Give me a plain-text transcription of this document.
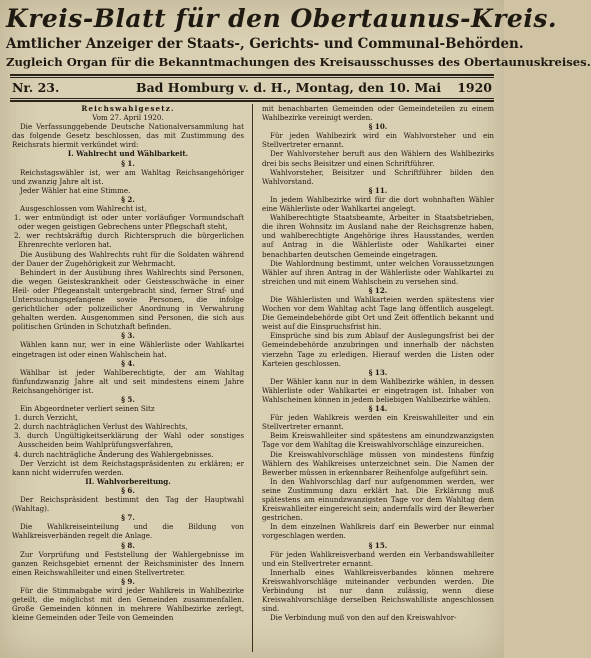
Kreis-Blatt für den Obertaunus-Kreis.
Amtlicher Anzeiger der Staats-, Gerichts- und Communal-Behörden.
Zugleich Organ für die Bekanntmachungen des Kreisausschusses des Obertaunuskreises.
Nr. 23.	Bad Homburg v. d. H., Montag, den 10. Mai 1920
Reichswahlgesetz.
Vom 27. April 1920.
Die Verfassunggebende Deutsche Nationalversammlung hat das folgende Gesetz beschlossen, das mit Zustimmung des Reichsrats hiermit verkündet wird:
I. Wahlrecht und Wählbarkeit.
§ 1.
Reichstagswähler ist, wer am Wahltag Reichsangehöriger und zwanzig Jahre alt ist.
Jeder Wähler hat eine Stimme.
§ 2.
Ausgeschlossen vom Wahlrecht ist,
1. wer entmündigt ist oder unter vorläufiger Vormundschaft oder wegen geistigen Gebrechens unter Pflegschaft steht,
2. wer rechtskräftig durch Richterspruch die bürgerlichen Ehrenrechte verloren hat.
Die Ausübung des Wahlrechts ruht für die Soldaten während der Dauer der Zugehörigkeit zur Wehrmacht.
Behindert in der Ausübung ihres Wahlrechts sind Personen, die wegen Geisteskrankheit oder Geistesschwäche in einer Heil- oder Pflegeanstalt untergebracht sind, ferner Straf- und Untersuchungsgefangene sowie Personen, die infolge gerichtlicher oder polizeilicher Anordnung in Verwahrung gehalten werden. Ausgenommen sind Personen, die sich aus politischen Gründen in Schutzhaft befinden.
§ 3.
Wählen kann nur, wer in eine Wählerliste oder Wahlkartei eingetragen ist oder einen Wahlschein hat.
§ 4.
Wählbar ist jeder Wahlberechtigte, der am Wahltag fünfundzwanzig Jahre alt und seit mindestens einem Jahre Reichsangehöriger ist.
§ 5.
Ein Abgeordneter verliert seinen Sitz
1. durch Verzicht,
2. durch nachträglichen Verlust des Wahlrechts,
3. durch Ungültigkeitserklärung der Wahl oder sonstiges Ausscheiden beim Wahlprüfungsverfahren,
4. durch nachträgliche Änderung des Wahlergebnisses.
Der Verzicht ist dem Reichstagspräsidenten zu erklären; er kann nicht widerrufen werden.
II. Wahlvorbereitung.
§ 6.
Der Reichspräsident bestimmt den Tag der Hauptwahl (Wahltag).
§ 7.
Die Wahlkreiseinteilung und die Bildung von Wahlkreisverbänden regelt die Anlage.
§ 8.
Zur Vorprüfung und Feststellung der Wahlergebnisse im ganzen Reichsgebiet ernennt der Reichsminister des Innern einen Reichswahlleiter und einen Stellvertreter.
§ 9.
Für die Stimmabgabe wird jeder Wahlkreis in Wahlbezirke geteilt, die möglichst mit den Gemeinden zusammenfallen. Große Gemeinden können in mehrere Wahlbezirke zerlegt, kleine Gemeinden oder Teile von Gemeinden
mit benachbarten Gemeinden oder Gemeindeteilen zu einem Wahlbezirke vereinigt werden.
§ 10.
Für jeden Wahlbezirk wird ein Wahlvorsteher und ein Stellvertreter ernannt.
Der Wahlvorsteher beruft aus den Wählern des Wahlbezirks drei bis sechs Beisitzer und einen Schriftführer.
Wahlvorsteher, Beisitzer und Schriftführer bilden den Wahlvorstand.
§ 11.
In jedem Wahlbezirke wird für die dort wohnhaften Wähler eine Wählerliste oder Wahlkartei angelegt.
Wahlberechtigte Staatsbeamte, Arbeiter in Staatsbetrieben, die ihren Wohnsitz im Ausland nahe der Reichsgrenze haben, und wahlberechtigte Angehörige ihres Hausstandes, werden auf Antrag in die Wählerliste oder Wahlkartei einer benachbarten deutschen Gemeinde eingetragen.
Die Wahlordnung bestimmt, unter welchen Voraussetzungen Wähler auf ihren Antrag in der Wählerliste oder Wahlkartei zu streichen und mit einem Wahlschein zu versehen sind.
§ 12.
Die Wählerlisten und Wahlkarteien werden spätestens vier Wochen vor dem Wahltag acht Tage lang öffentlich ausgelegt. Die Gemeindebehörde gibt Ort und Zeit öffentlich bekannt und weist auf die Einspruchsfrist hin.
Einsprüche sind bis zum Ablauf der Auslegungsfrist bei der Gemeindebehörde anzubringen und innerhalb der nächsten vierzehn Tage zu erledigen. Hierauf werden die Listen oder Karteien geschlossen.
§ 13.
Der Wähler kann nur in dem Wahlbezirke wählen, in dessen Wählerliste oder Wahlkartei er eingetragen ist. Inhaber von Wahlscheinen können in jedem beliebigen Wahlbezirke wählen.
§ 14.
Für jeden Wahlkreis werden ein Kreiswahlleiter und ein Stellvertreter ernannt.
Beim Kreiswahlleiter sind spätestens am einundzwanzigsten Tage vor dem Wahltag die Kreiswahlvorschläge einzureichen.
Die Kreiswahlvorschläge müssen von mindestens fünfzig Wählern des Wahlkreises unterzeichnet sein. Die Namen der Bewerber müssen in erkennbarer Reihenfolge aufgeführt sein.
In den Wahlvorschlag darf nur aufgenommen werden, wer seine Zustimmung dazu erklärt hat. Die Erklärung muß spätestens am einundzwanzigsten Tage vor dem Wahltag dem Kreiswahlleiter eingereicht sein; andernfalls wird der Bewerber gestrichen.
In dem einzelnen Wahlkreis darf ein Bewerber nur einmal vorgeschlagen werden.
§ 15.
Für jeden Wahlkreisverband werden ein Verbandswahlleiter und ein Stellvertreter ernannt.
Innerhalb eines Wahlkreisverbandes können mehrere Kreiswahlvorschläge miteinander verbunden werden. Die Verbindung ist nur dann zulässig, wenn diese Kreiswahlvorschläge derselben Reichswahlliste angeschlossen sind.
Die Verbindung muß von den auf den Kreiswahlvor-
